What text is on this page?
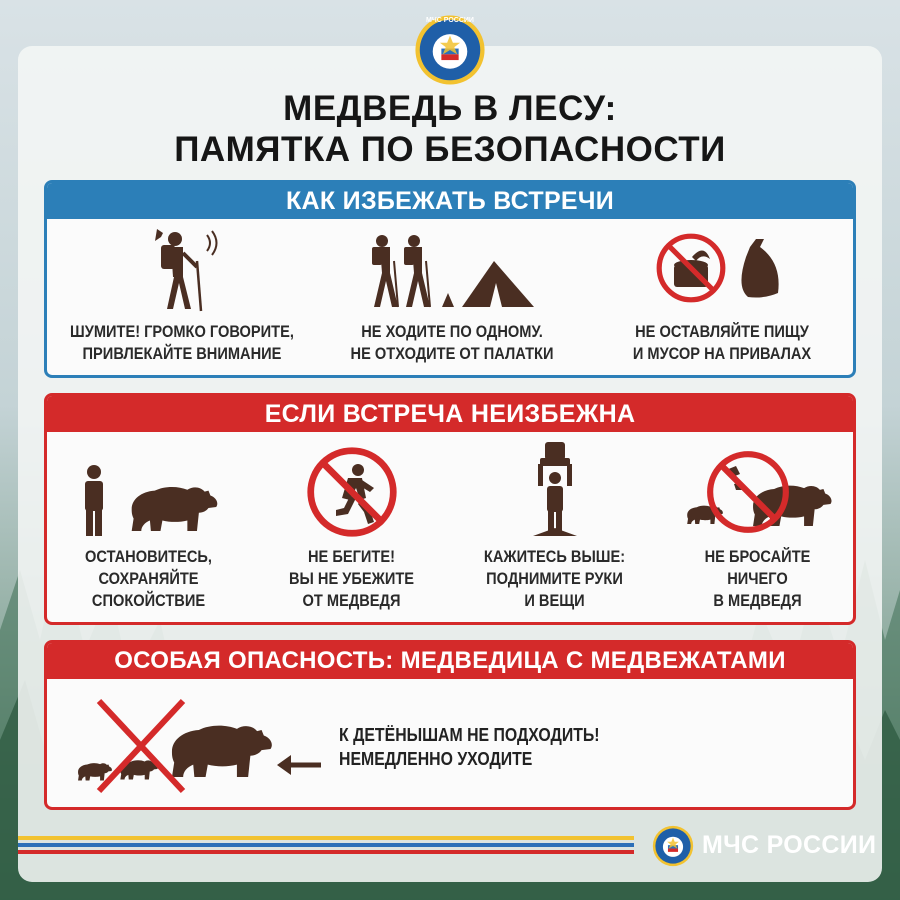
МЧС РОССИИ
МЕДВЕДЬ В ЛЕСУ:
ПАМЯТКА ПО БЕЗОПАСНОСТИ
КАК ИЗБЕЖАТЬ ВСТРЕЧИ
ШУМИТЕ! ГРОМКО ГОВОРИТЕ,
ПРИВЛЕКАЙТЕ ВНИМАНИЕ
НЕ ХОДИТЕ ПО ОДНОМУ.
НЕ ОТХОДИТЕ ОТ ПАЛАТКИ
НЕ ОСТАВЛЯЙТЕ ПИЩУ
И МУСОР НА ПРИВАЛАХ
ЕСЛИ ВСТРЕЧА НЕИЗБЕЖНА
ОСТАНОВИТЕСЬ,
СОХРАНЯЙТЕ
СПОКОЙСТВИЕ
НЕ БЕГИТЕ!
ВЫ НЕ УБЕЖИТЕ
ОТ МЕДВЕДЯ
КАЖИТЕСЬ ВЫШЕ:
ПОДНИМИТЕ РУКИ
И ВЕЩИ
НЕ БРОСАЙТЕ
НИЧЕГО
В МЕДВЕДЯ
ОСОБАЯ ОПАСНОСТЬ: МЕДВЕДИЦА С МЕДВЕЖАТАМИ
К ДЕТЁНЫШАМ НЕ ПОДХОДИТЬ!
НЕМЕДЛЕННО УХОДИТЕ
МЧС РОССИИ
